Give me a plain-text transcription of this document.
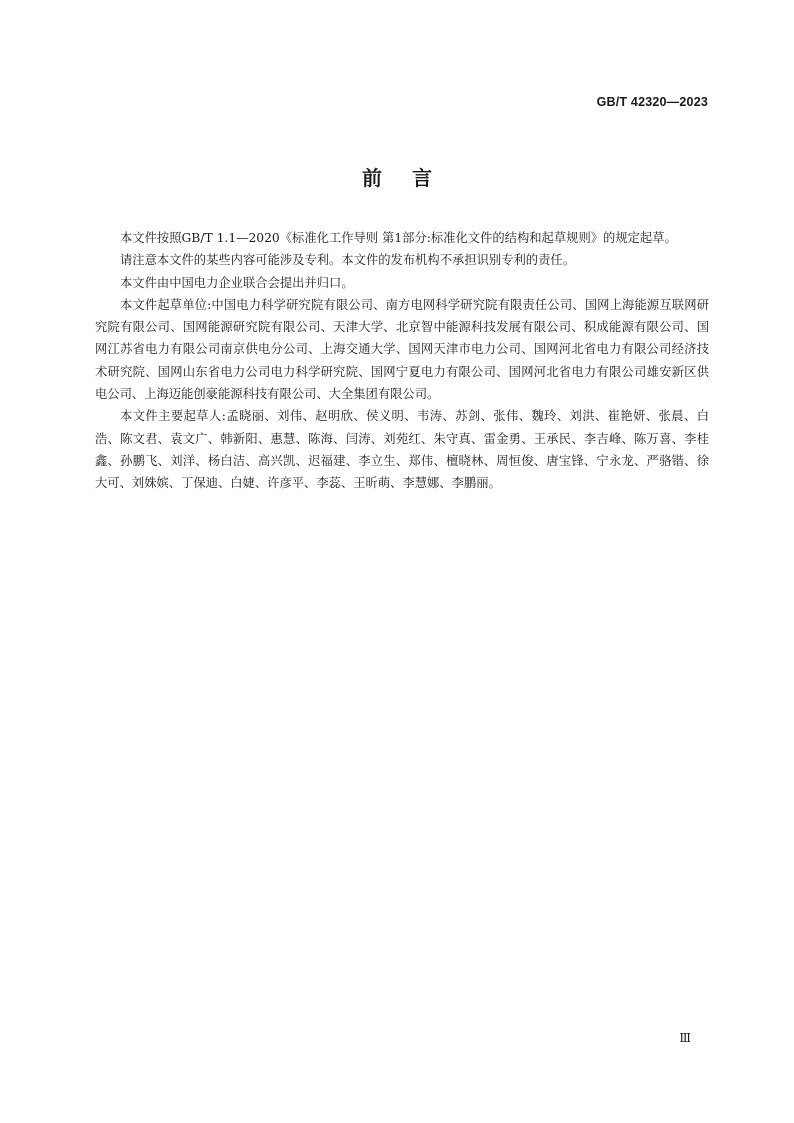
GB/T 42320—2023
前言

本文件按照GB/T 1.1—2020《标准化工作导则 第1部分:标准化文件的结构和起草规则》的规定起草。

请注意本文件的某些内容可能涉及专利。本文件的发布机构不承担识别专利的责任。

本文件由中国电力企业联合会提出并归口。

本文件起草单位:中国电力科学研究院有限公司、南方电网科学研究院有限责任公司、国网上海能源互联网研究院有限公司、国网能源研究院有限公司、天津大学、北京智中能源科技发展有限公司、积成能源有限公司、国网江苏省电力有限公司南京供电分公司、上海交通大学、国网天津市电力公司、国网河北省电力有限公司经济技术研究院、国网山东省电力公司电力科学研究院、国网宁夏电力有限公司、国网河北省电力有限公司雄安新区供电公司、上海迈能创豪能源科技有限公司、大全集团有限公司。

本文件主要起草人:孟晓丽、刘伟、赵明欣、侯义明、韦涛、苏剑、张伟、魏玲、刘洪、崔艳妍、张晨、白浩、陈文君、袁文广、韩新阳、惠慧、陈海、闫涛、刘苑红、朱守真、雷金勇、王承民、李吉峰、陈万喜、李桂鑫、孙鹏飞、刘洋、杨白洁、高兴凯、迟福建、李立生、郑伟、檀晓林、周恒俊、唐宝锋、宁永龙、严骆锴、徐大可、刘姝嫔、丁保迪、白婕、许彦平、李蕊、王昕萌、李慧娜、李鹏丽。

Ⅲ
